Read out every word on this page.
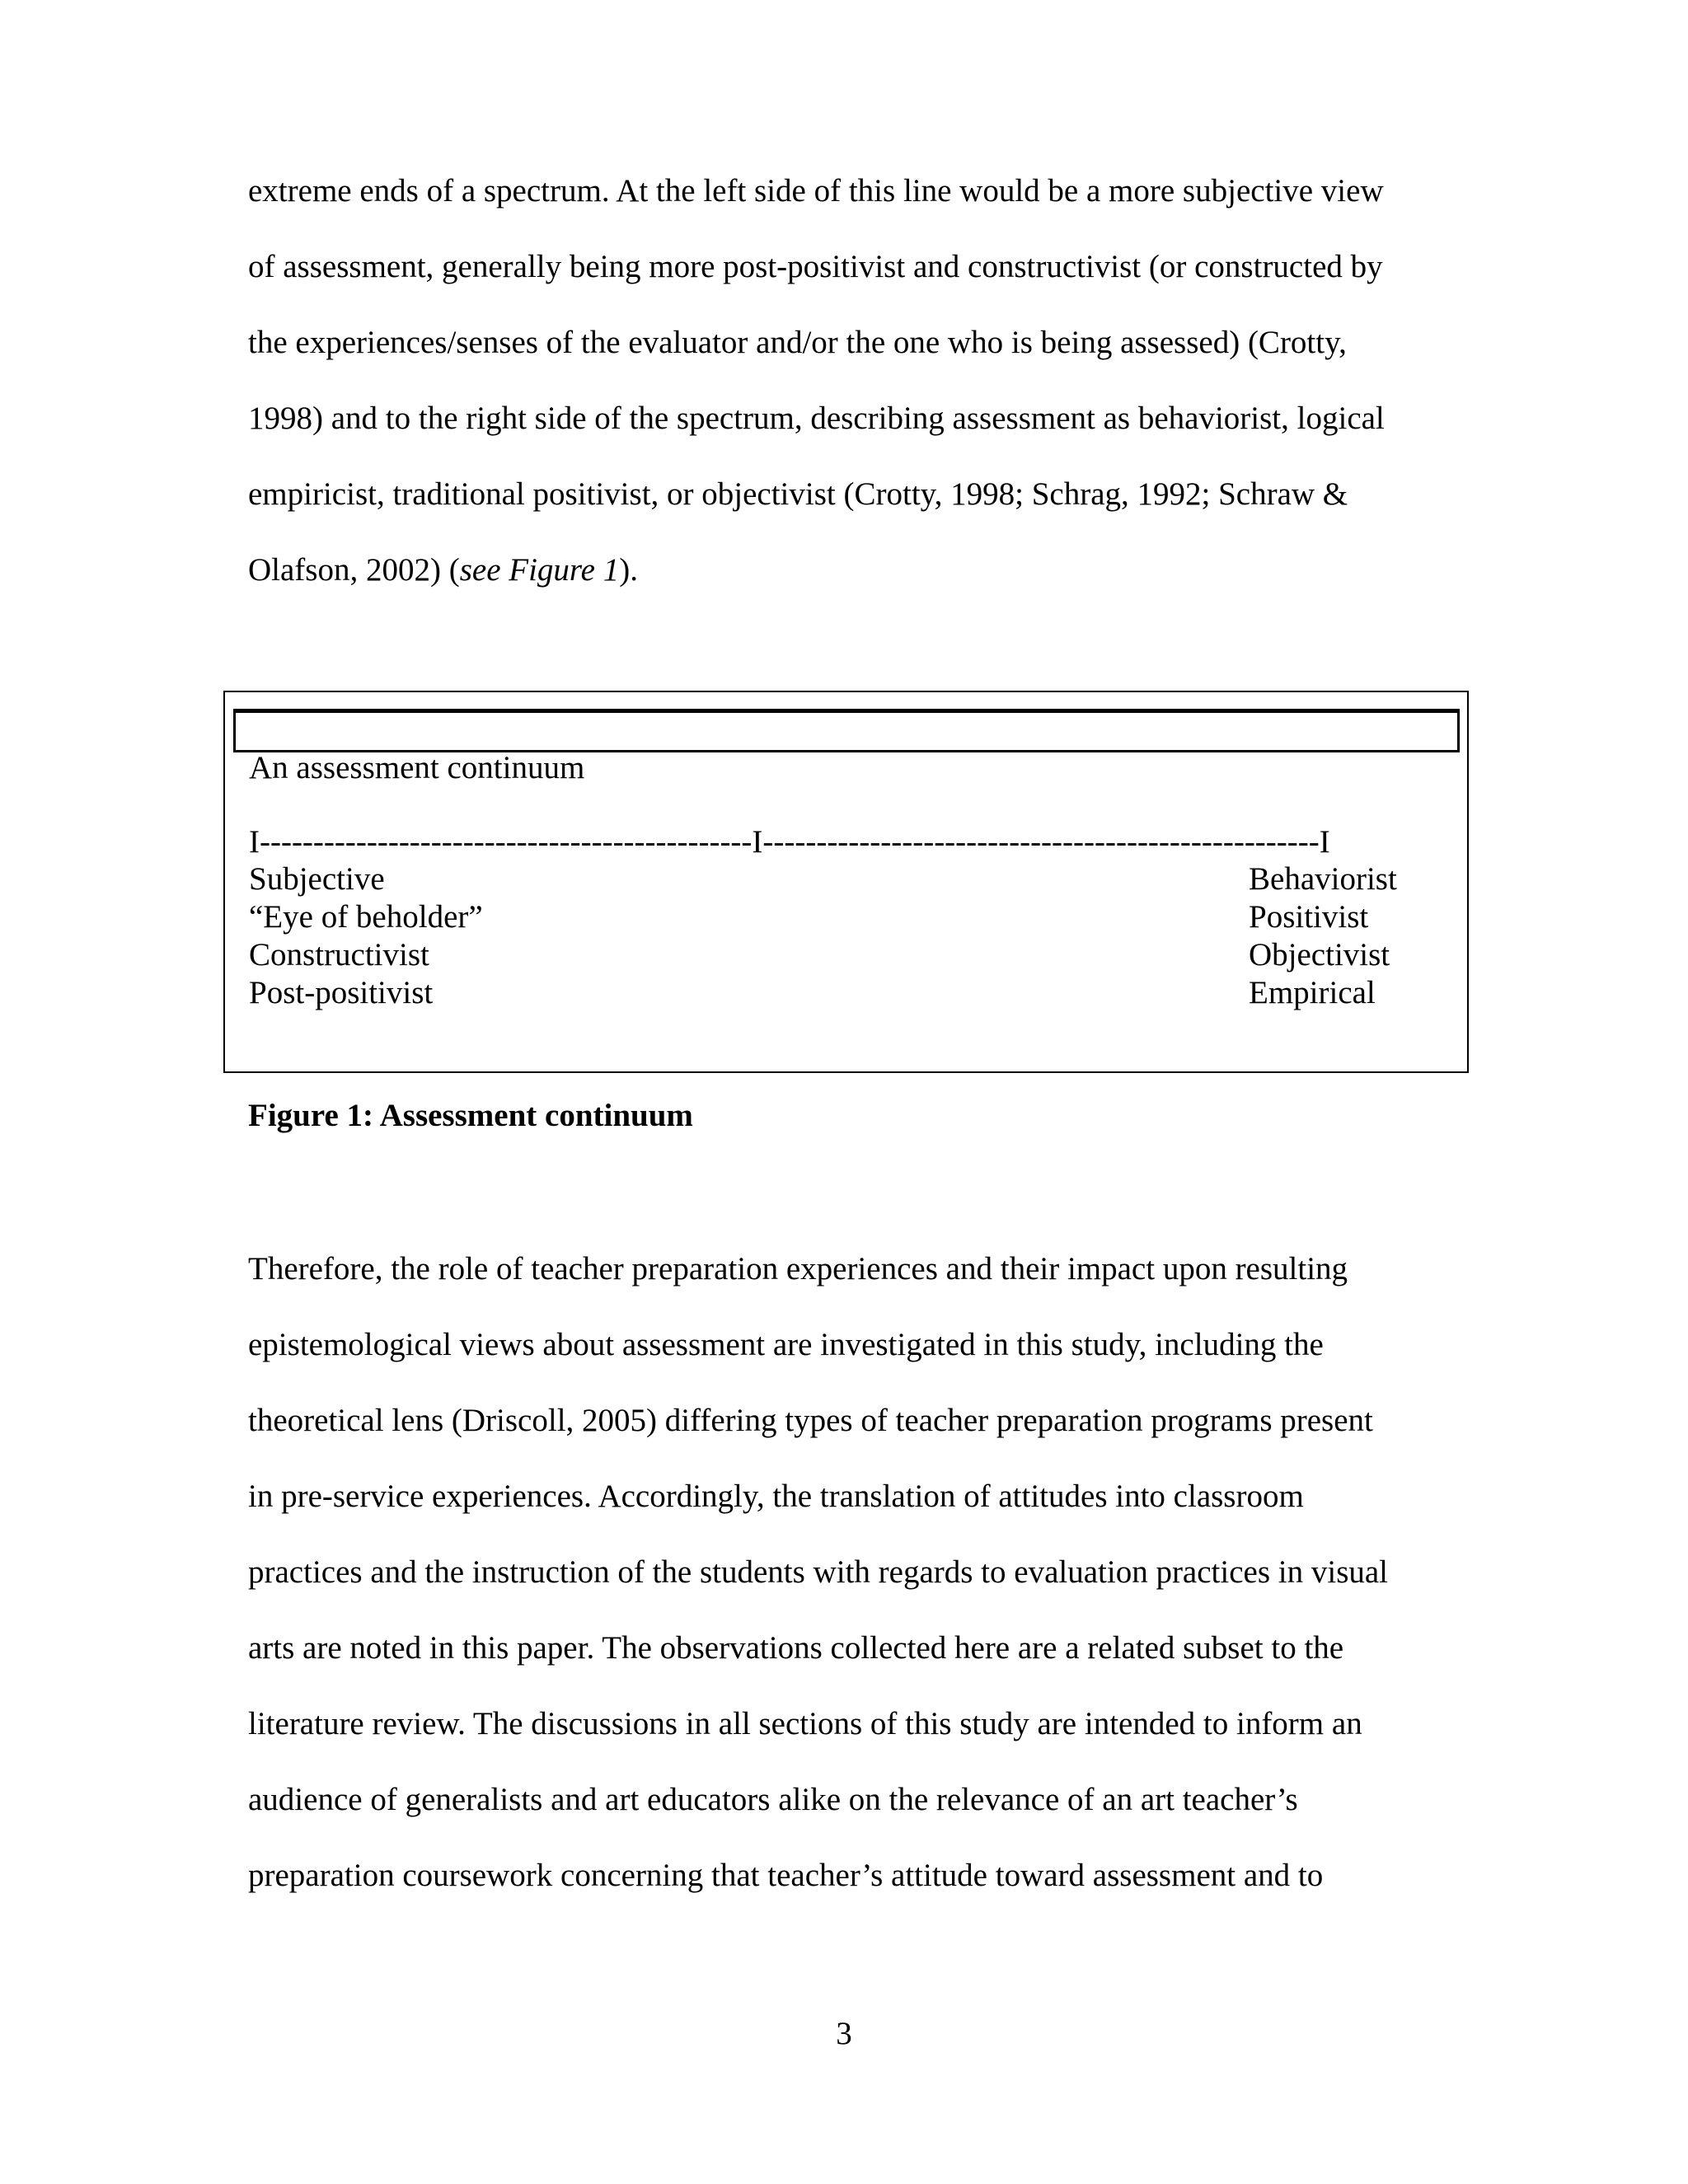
extreme ends of a spectrum. At the left side of this line would be a more subjective view
of assessment, generally being more post-positivist and constructivist (or constructed by
the experiences/senses of the evaluator and/or the one who is being assessed) (Crotty,
1998) and to the right side of the spectrum, describing assessment as behaviorist, logical
empiricist, traditional positivist, or objectivist (Crotty, 1998; Schrag, 1992; Schraw &
Olafson, 2002) (see Figure 1).
An assessment continuum
I----------------------------------------------I----------------------------------------------------I
Subjective
“Eye of beholder”
Constructivist
Post-positivist
Behaviorist
Positivist
Objectivist
Empirical
Figure 1: Assessment continuum
Therefore, the role of teacher preparation experiences and their impact upon resulting
epistemological views about assessment are investigated in this study, including the
theoretical lens (Driscoll, 2005) differing types of teacher preparation programs present
in pre-service experiences. Accordingly, the translation of attitudes into classroom
practices and the instruction of the students with regards to evaluation practices in visual
arts are noted in this paper. The observations collected here are a related subset to the
literature review. The discussions in all sections of this study are intended to inform an
audience of generalists and art educators alike on the relevance of an art teacher’s
preparation coursework concerning that teacher’s attitude toward assessment and to
3
